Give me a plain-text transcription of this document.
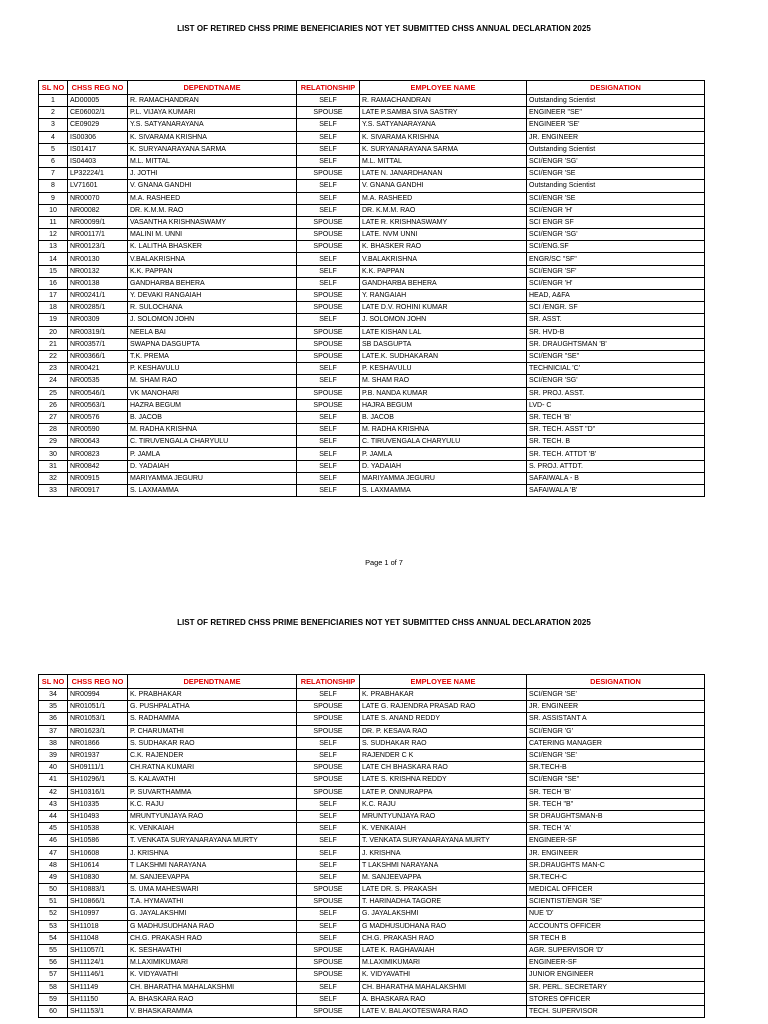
LIST OF RETIRED CHSS PRIME BENEFICIARIES NOT YET SUBMITTED CHSS ANNUAL DECLARATION 2025
SL NO	CHSS REG NO	DEPENDTNAME	RELATIONSHIP	EMPLOYEE NAME	DESIGNATION
1	AD00005	R. RAMACHANDRAN	SELF	R. RAMACHANDRAN	Outstanding Scientist
2	CE06002/1	P.L. VIJAYA KUMARI	SPOUSE	LATE P.SAMBA SIVA SASTRY	ENGINEER "SE"
3	CE09029	Y.S. SATYANARAYANA	SELF	Y.S. SATYANARAYANA	ENGINEER 'SE'
4	IS00306	K. SIVARAMA KRISHNA	SELF	K. SIVARAMA KRISHNA	JR. ENGINEER
5	IS01417	K. SURYANARAYANA SARMA	SELF	K. SURYANARAYANA SARMA	Outstanding Scientist
6	IS04403	M.L. MITTAL	SELF	M.L. MITTAL	SCI/ENGR 'SG'
7	LP32224/1	J. JOTHI	SPOUSE	LATE N. JANARDHANAN	SCI/ENGR 'SE
8	LV71601	V. GNANA GANDHI	SELF	V. GNANA GANDHI	Outstanding Scientist
9	NR00070	M.A. RASHEED	SELF	M.A. RASHEED	SCI/ENGR 'SE
10	NR00082	DR. K.M.M. RAO	SELF	DR. K.M.M. RAO	SCI/ENGR 'H'
11	NR00099/1	VASANTHA KRISHNASWAMY	SPOUSE	LATE R. KRISHNASWAMY	SCI ENGR SF
12	NR00117/1	MALINI M. UNNI	SPOUSE	LATE. NVM UNNI	SCI/ENGR 'SG'
13	NR00123/1	K. LALITHA BHASKER	SPOUSE	K. BHASKER RAO	SCI/ENG.SF
14	NR00130	V.BALAKRISHNA	SELF	V.BALAKRISHNA	ENGR/SC "SF"
15	NR00132	K.K. PAPPAN	SELF	K.K. PAPPAN	SCI/ENGR 'SF'
16	NR00138	GANDHARBA BEHERA	SELF	GANDHARBA BEHERA	SCI/ENGR 'H'
17	NR00241/1	Y. DEVAKI RANGAIAH	SPOUSE	Y. RANGAIAH	HEAD, A&FA
18	NR00285/1	R. SULOCHANA	SPOUSE	LATE D.V. ROHINI KUMAR	SCI /ENGR. SF
19	NR00309	J. SOLOMON JOHN	SELF	J. SOLOMON JOHN	SR. ASST.
20	NR00319/1	NEELA BAI	SPOUSE	LATE KISHAN LAL	SR. HVD-B
21	NR00357/1	SWAPNA DASGUPTA	SPOUSE	SB DASGUPTA	SR. DRAUGHTSMAN 'B'
22	NR00366/1	T.K. PREMA	SPOUSE	LATE.K. SUDHAKARAN	SCI/ENGR "SE"
23	NR00421	P. KESHAVULU	SELF	P. KESHAVULU	TECHNICIAL 'C'
24	NR00535	M. SHAM RAO	SELF	M. SHAM RAO	SCI/ENGR 'SG'
25	NR00546/1	VK MANOHARI	SPOUSE	P.B. NANDA KUMAR	SR. PROJ. ASST.
26	NR00563/1	HAZRA BEGUM	SPOUSE	HAJRA BEGUM	LVD- C
27	NR00576	B. JACOB	SELF	B. JACOB	SR. TECH 'B'
28	NR00590	M. RADHA KRISHNA	SELF	M. RADHA KRISHNA	SR. TECH. ASST "D"
29	NR00643	C. TIRUVENGALA CHARYULU	SELF	C. TIRUVENGALA CHARYULU	SR. TECH. B
30	NR00823	P. JAMLA	SELF	P. JAMLA	SR. TECH. ATTDT 'B'
31	NR00842	D. YADAIAH	SELF	D. YADAIAH	S. PROJ. ATTDT.
32	NR00915	MARIYAMMA JEGURU	SELF	MARIYAMMA JEGURU	SAFAIWALA - B
33	NR00917	S. LAXMAMMA	SELF	S. LAXMAMMA	SAFAIWALA 'B'
Page 1 of 7
LIST OF RETIRED CHSS PRIME BENEFICIARIES NOT YET SUBMITTED CHSS ANNUAL DECLARATION 2025
SL NO	CHSS REG NO	DEPENDTNAME	RELATIONSHIP	EMPLOYEE NAME	DESIGNATION
34	NR00994	K. PRABHAKAR	SELF	K. PRABHAKAR	SCI/ENGR 'SE'
35	NR01051/1	G. PUSHPALATHA	SPOUSE	LATE G. RAJENDRA PRASAD RAO	JR. ENGINEER
36	NR01053/1	S. RADHAMMA	SPOUSE	LATE S. ANAND REDDY	SR. ASSISTANT A
37	NR01623/1	P. CHARUMATHI	SPOUSE	DR. P. KESAVA RAO	SCI/ENGR 'G'
38	NR01866	S. SUDHAKAR RAO	SELF	S. SUDHAKAR RAO	CATERING MANAGER
39	NR01937	C.K. RAJENDER	SELF	RAJENDER C K	SCI/ENGR 'SE'
40	SH09111/1	CH.RATNA KUMARI	SPOUSE	LATE CH BHASKARA RAO	SR.TECH-B
41	SH10296/1	S. KALAVATHI	SPOUSE	LATE S. KRISHNA REDDY	SCI/ENGR "SE"
42	SH10316/1	P. SUVARTHAMMA	SPOUSE	LATE P. ONNURAPPA	SR. TECH 'B'
43	SH10335	K.C. RAJU	SELF	K.C. RAJU	SR. TECH "B"
44	SH10493	MRUNTYUNJAYA RAO	SELF	MRUNTYUNJAYA RAO	SR DRAUGHTSMAN-B
45	SH10538	K. VENKAIAH	SELF	K. VENKAIAH	SR. TECH 'A'
46	SH10586	T. VENKATA SURYANARAYANA MURTY	SELF	T. VENKATA SURYANARAYANA MURTY	ENGINEER-SF
47	SH10608	J. KRISHNA	SELF	J. KRISHNA	JR. ENGINEER
48	SH10614	T LAKSHMI NARAYANA	SELF	T LAKSHMI NARAYANA	SR.DRAUGHTS MAN-C
49	SH10830	M. SANJEEVAPPA	SELF	M. SANJEEVAPPA	SR.TECH-C
50	SH10883/1	S. UMA MAHESWARI	SPOUSE	LATE DR. S. PRAKASH	MEDICAL OFFICER
51	SH10866/1	T.A. HYMAVATHI	SPOUSE	T. HARINADHA TAGORE	SCIENTIST/ENGR 'SE'
52	SH10997	G. JAYALAKSHMI	SELF	G. JAYALAKSHMI	NUE 'D'
53	SH11018	G MADHUSUDHANA RAO	SELF	G MADHUSUDHANA RAO	ACCOUNTS OFFICER
54	SH11048	CH.G. PRAKASH RAO	SELF	CH.G. PRAKASH RAO	SR TECH B
55	SH11057/1	K. SESHAVATHI	SPOUSE	LATE K. RAGHAVAIAH	AGR. SUPERVISOR 'D'
56	SH11124/1	M.LAXIMIKUMARI	SPOUSE	M.LAXIMIKUMARI	ENGINEER-SF
57	SH11146/1	K. VIDYAVATHI	SPOUSE	K. VIDYAVATHI	JUNIOR ENGINEER
58	SH11149	CH. BHARATHA MAHALAKSHMI	SELF	CH. BHARATHA MAHALAKSHMI	SR. PERL. SECRETARY
59	SH11150	A. BHASKARA RAO	SELF	A. BHASKARA RAO	STORES OFFICER
60	SH11153/1	V. BHASKARAMMA	SPOUSE	LATE V. BALAKOTESWARA RAO	TECH. SUPERVISOR
